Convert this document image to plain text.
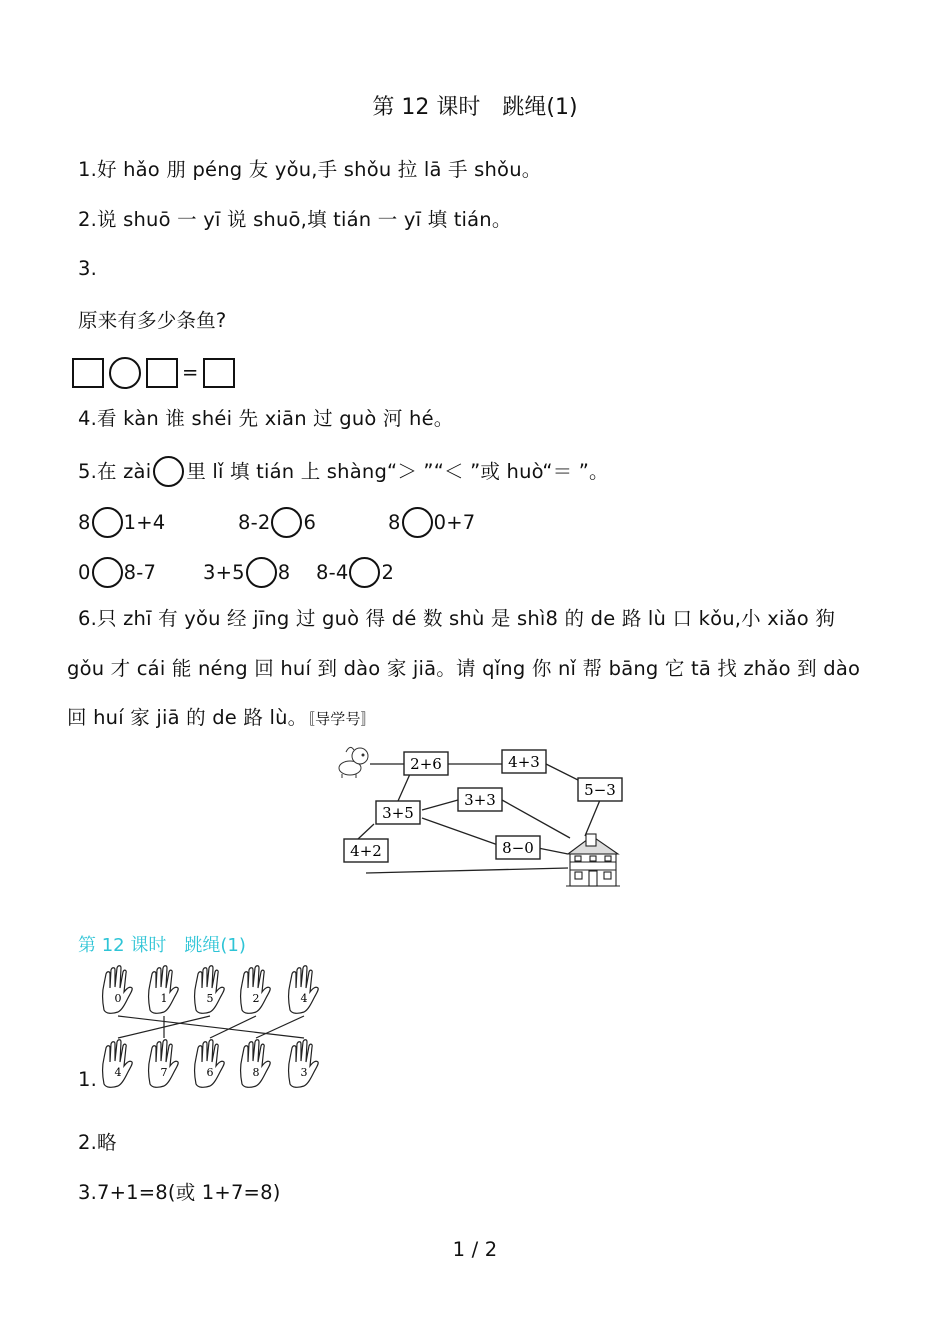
第 12 课时　跳绳(1)
1.好 hǎo 朋 péng 友 yǒu,手 shǒu 拉 lā 手 shǒu。
2.说 shuō 一 yī 说 shuō,填 tián 一 yī 填 tián。
3.
原来有多少条鱼?
=
4.看 kàn 谁 shéi 先 xiān 过 guò 河 hé。
5.在 zài 里 lǐ 填 tián 上 shàng“＞ ”“＜ ”或 huò“＝ ”。
8 1+4	8-2 6	8 0+7
0 8-7 3+5 8 8-4 2
6.只 zhī 有 yǒu 经 jīng 过 guò 得 dé 数 shù 是 shì8 的 de 路 lù 口 kǒu,小 xiǎo 狗
gǒu 才 cái 能 néng 回 huí 到 dào 家 jiā。请 qǐng 你 nǐ 帮 bāng 它 tā 找 zhǎo 到 dào
回 huí 家 jiā 的 de 路 lù。〚导学号〛
2+6	4+3
5−3
3+5
3+3
4+2	8−0
第 12 课时　跳绳(1)
0	1	5	2	4
4	7	6	8	3
1.
2.略
3.7+1=8(或 1+7=8)
1 / 2
